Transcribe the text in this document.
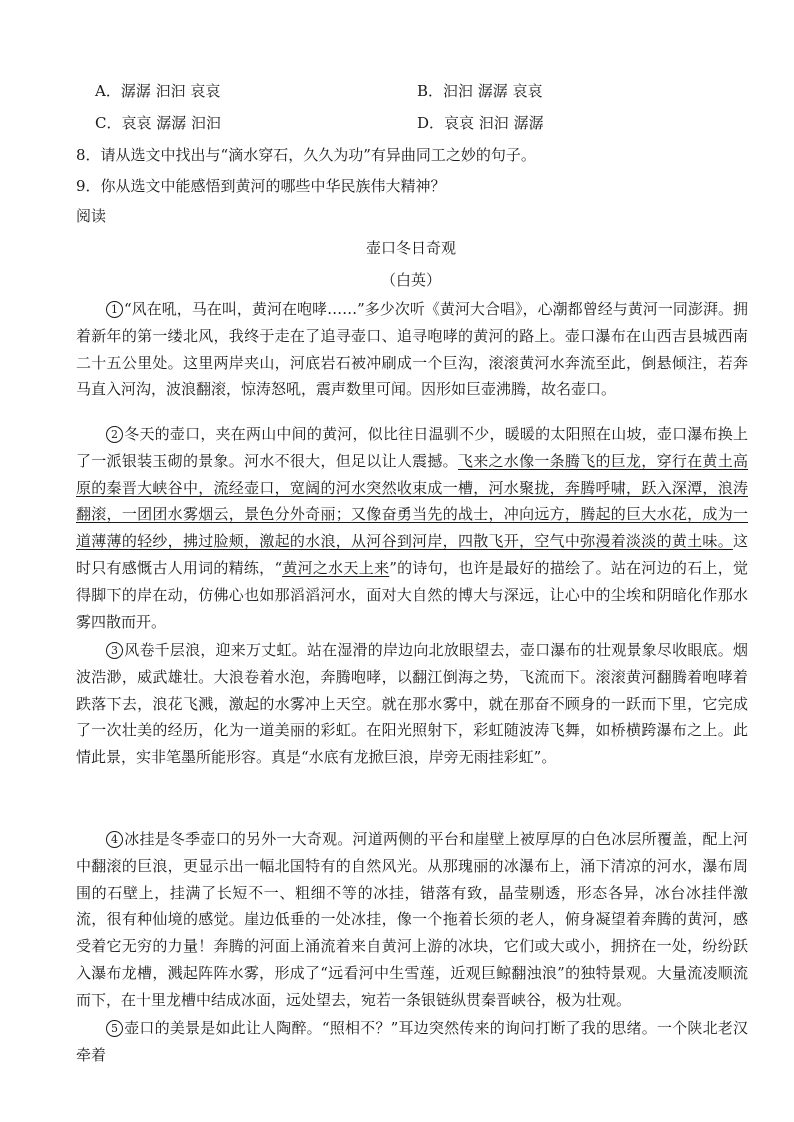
A．潺潺 汩汩 哀哀	B．汩汩 潺潺 哀哀
C．哀哀 潺潺 汩汩	D．哀哀 汩汩 潺潺
8．请从选文中找出与“滴水穿石，久久为功”有异曲同工之妙的句子。
9．你从选文中能感悟到黄河的哪些中华民族伟大精神？
阅读
壶口冬日奇观
（白英）
1 “风在吼，马在叫，黄河在咆哮……”多少次听《黄河大合唱》，心潮都曾经与黄河一同澎湃。拥着新年的第一缕北风，我终于走在了追寻壶口、追寻咆哮的黄河的路上。壶口瀑布在山西吉县城西南二十五公里处。这里两岸夹山，河底岩石被冲刷成一个巨沟，滚滚黄河水奔流至此，倒悬倾注，若奔马直入河沟，波浪翻滚，惊涛怒吼，震声数里可闻。因形如巨壶沸腾，故名壶口。
2 冬天的壶口，夹在两山中间的黄河，似比往日温驯不少，暖暖的太阳照在山坡，壶口瀑布换上了一派银装玉砌的景象。河水不很大，但足以让人震撼。飞来之水像一条腾飞的巨龙，穿行在黄土高原的秦晋大峡谷中，流经壶口，宽阔的河水突然收束成一槽，河水聚拢，奔腾呼啸，跃入深潭，浪涛翻滚，一团团水雾烟云，景色分外奇丽；又像奋勇当先的战士，冲向远方，腾起的巨大水花，成为一道薄薄的轻纱，拂过脸颊，激起的水浪，从河谷到河岸，四散飞开，空气中弥漫着淡淡的黄土味。这时只有感慨古人用词的精练，“黄河之水天上来”的诗句，也许是最好的描绘了。站在河边的石上，觉得脚下的岸在动，仿佛心也如那滔滔河水，面对大自然的博大与深远，让心中的尘埃和阴暗化作那水雾四散而开。
3 风卷千层浪，迎来万丈虹。站在湿滑的岸边向北放眼望去，壶口瀑布的壮观景象尽收眼底。烟波浩渺，威武雄壮。大浪卷着水泡，奔腾咆哮，以翻江倒海之势，飞流而下。滚滚黄河翻腾着咆哮着跌落下去，浪花飞溅，激起的水雾冲上天空。就在那水雾中，就在那奋不顾身的一跃而下里，它完成了一次壮美的经历，化为一道美丽的彩虹。在阳光照射下，彩虹随波涛飞舞，如桥横跨瀑布之上。此情此景，实非笔墨所能形容。真是“水底有龙掀巨浪，岸旁无雨挂彩虹”。
4 冰挂是冬季壶口的另外一大奇观。河道两侧的平台和崖壁上被厚厚的白色冰层所覆盖，配上河中翻滚的巨浪，更显示出一幅北国特有的自然风光。从那瑰丽的冰瀑布上，涌下清凉的河水，瀑布周围的石壁上，挂满了长短不一、粗细不等的冰挂，错落有致，晶莹剔透，形态各异，冰台冰挂伴激流，很有种仙境的感觉。崖边低垂的一处冰挂，像一个拖着长须的老人，俯身凝望着奔腾的黄河，感受着它无穷的力量！奔腾的河面上涌流着来自黄河上游的冰块，它们或大或小，拥挤在一处，纷纷跃入瀑布龙槽，溅起阵阵水雾，形成了“远看河中生雪莲，近观巨鲸翻浊浪”的独特景观。大量流凌顺流而下，在十里龙槽中结成冰面，远处望去，宛若一条银链纵贯秦晋峡谷，极为壮观。
5 壶口的美景是如此让人陶醉。“照相不？”耳边突然传来的询问打断了我的思绪。一个陕北老汉牵着
